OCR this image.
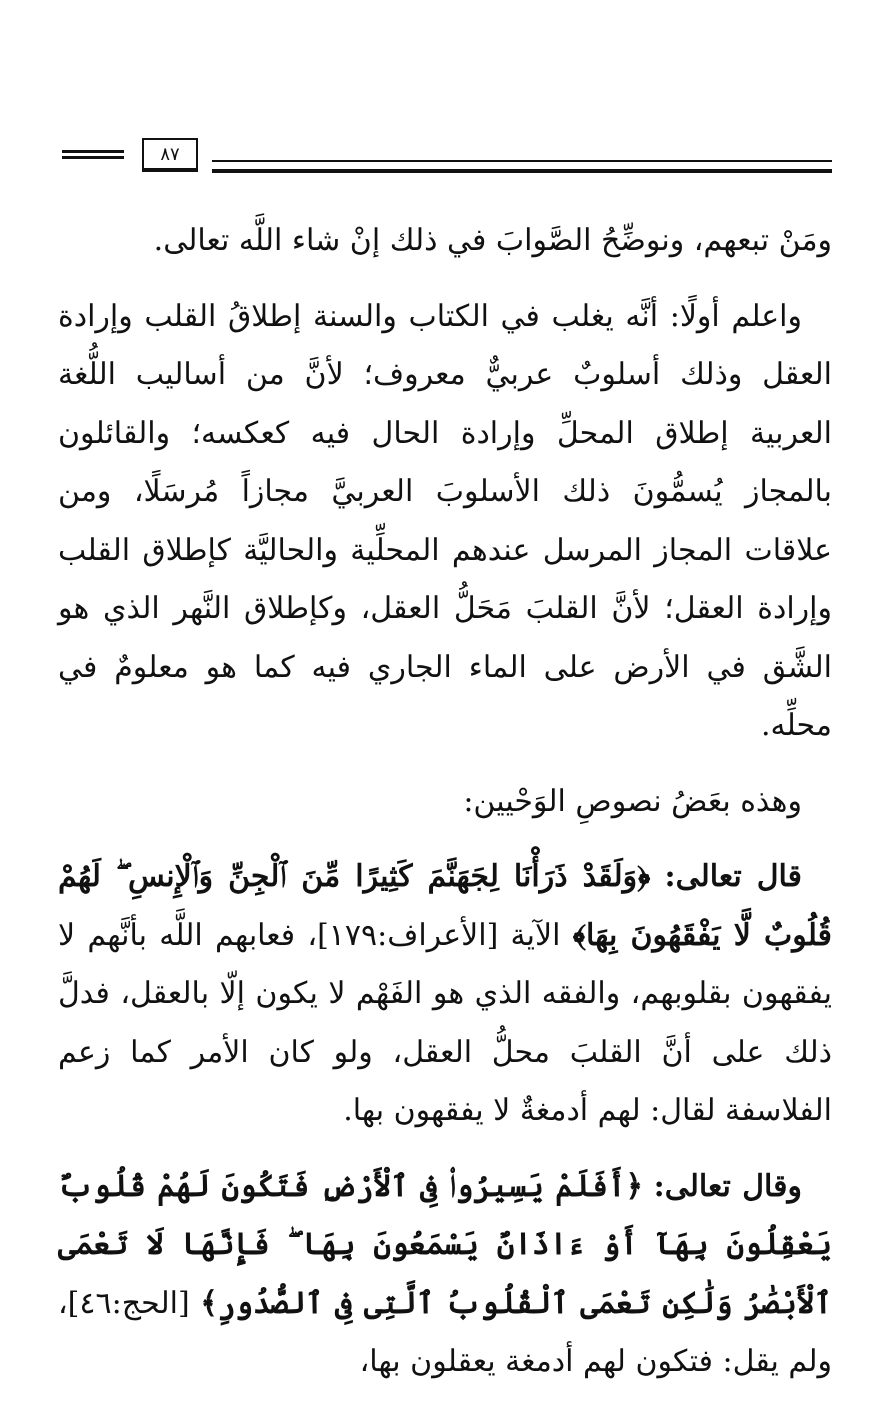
٨٧

ومَنْ تبعهم، ونوضِّحُ الصَّوابَ في ذلك إنْ شاء اللَّه تعالى.

واعلم أولًا: أنَّه يغلب في الكتاب والسنة إطلاقُ القلب وإرادة العقل وذلك أسلوبٌ عربيٌّ معروف؛ لأنَّ من أساليب اللُّغة العربية إطلاق المحلِّ وإرادة الحال فيه كعكسه؛ والقائلون بالمجاز يُسمُّونَ ذلك الأسلوبَ العربيَّ مجازاً مُرسَلًا، ومن علاقات المجاز المرسل عندهم المحلِّية والحاليَّة كإطلاق القلب وإرادة العقل؛ لأنَّ القلبَ مَحَلُّ العقل، وكإطلاق النَّهر الذي هو الشَّق في الأرض على الماء الجاري فيه كما هو معلومٌ في محلِّه.

وهذه بعَضُ نصوصِ الوَحْيين:

قال تعالى: ﴿وَلَقَدْ ذَرَأْنَا لِجَهَنَّمَ كَثِيرًا مِّنَ ٱلْجِنِّ وَٱلْإِنسِ ۖ لَهُمْ قُلُوبٌ لَّا يَفْقَهُونَ بِهَا﴾ الآية [الأعراف:١٧٩]، فعابهم اللَّه بأنَّهم لا يفقهون بقلوبهم، والفقه الذي هو الفَهْم لا يكون إلّا بالعقل، فدلَّ ذلك على أنَّ القلبَ محلُّ العقل، ولو كان الأمر كما زعم الفلاسفة لقال: لهم أدمغةٌ لا يفقهون بها.

وقال تعالى: ﴿أَفَلَمْ يَسِيرُوا۟ فِى ٱلْأَرْضِ فَتَكُونَ لَهُمْ قُلُوبٌ يَعْقِلُونَ بِهَآ أَوْ ءَاذَانٌ يَسْمَعُونَ بِهَا ۖ فَإِنَّهَا لَا تَعْمَى ٱلْأَبْصَٰرُ وَلَٰكِن تَعْمَى ٱلْقُلُوبُ ٱلَّتِى فِى ٱلصُّدُورِ﴾ [الحج:٤٦]، ولم يقل: فتكون لهم أدمغة يعقلون بها،
